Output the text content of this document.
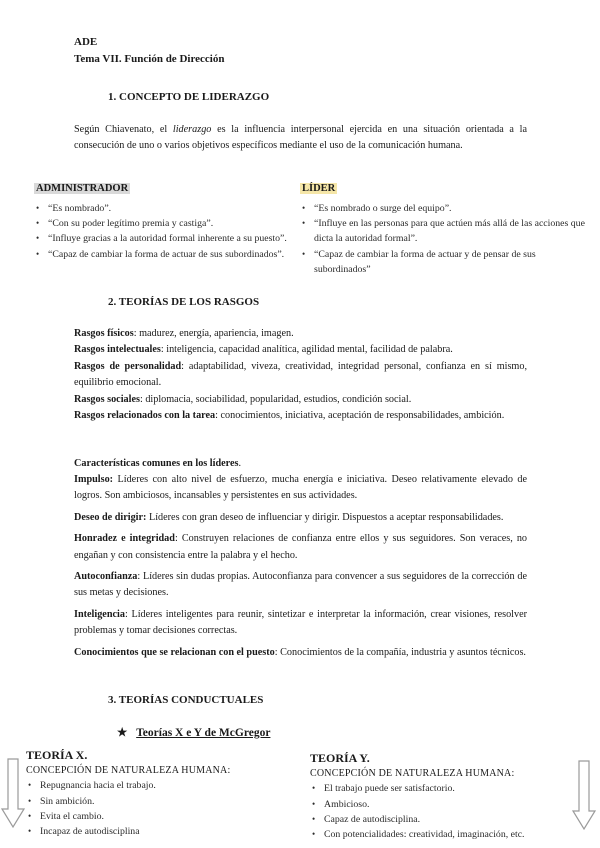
ADE
Tema VII. Función de Dirección
1. CONCEPTO DE LIDERAZGO
Según Chiavenato, el liderazgo es la influencia interpersonal ejercida en una situación orientada a la consecución de uno o varios objetivos específicos mediante el uso de la comunicación humana.
ADMINISTRADOR
• “Es nombrado”.
• “Con su poder legítimo premia y castiga”.
• “Influye gracias a la autoridad formal inherente a su puesto”.
• “Capaz de cambiar la forma de actuar de sus subordinados”.
LÍDER
• “Es nombrado o surge del equipo”.
• “Influye en las personas para que actúen más allá de las acciones que dicta la autoridad formal”.
• “Capaz de cambiar la forma de actuar y de pensar de sus subordinados”
2. TEORÍAS DE LOS RASGOS
Rasgos físicos: madurez, energía, apariencia, imagen.
Rasgos intelectuales: inteligencia, capacidad analítica, agilidad mental, facilidad de palabra.
Rasgos de personalidad: adaptabilidad, viveza, creatividad, integridad personal, confianza en sí mismo, equilibrio emocional.
Rasgos sociales: diplomacia, sociabilidad, popularidad, estudios, condición social.
Rasgos relacionados con la tarea: conocimientos, iniciativa, aceptación de responsabilidades, ambición.
Características comunes en los líderes.
Impulso: Líderes con alto nivel de esfuerzo, mucha energía e iniciativa. Deseo relativamente elevado de logros. Son ambiciosos, incansables y persistentes en sus actividades.
Deseo de dirigir: Líderes con gran deseo de influenciar y dirigir. Dispuestos a aceptar responsabilidades.
Honradez e integridad: Construyen relaciones de confianza entre ellos y sus seguidores. Son veraces, no engañan y con consistencia entre la palabra y el hecho.
Autoconfianza: Líderes sin dudas propias. Autoconfianza para convencer a sus seguidores de la corrección de sus metas y decisiones.
Inteligencia: Líderes inteligentes para reunir, sintetizar e interpretar la información, crear visiones, resolver problemas y tomar decisiones correctas.
Conocimientos que se relacionan con el puesto: Conocimientos de la compañía, industria y asuntos técnicos.
3. TEORÍAS CONDUCTUALES
★ Teorías X e Y de McGregor
TEORÍA X.
CONCEPCIÓN DE NATURALEZA HUMANA:
• Repugnancia hacia el trabajo.
• Sin ambición.
• Evita el cambio.
• Incapaz de autodisciplina
TEORÍA Y.
CONCEPCIÓN DE NATURALEZA HUMANA:
• El trabajo puede ser satisfactorio.
• Ambicioso.
• Capaz de autodisciplina.
• Con potencialidades: creatividad, imaginación, etc.
